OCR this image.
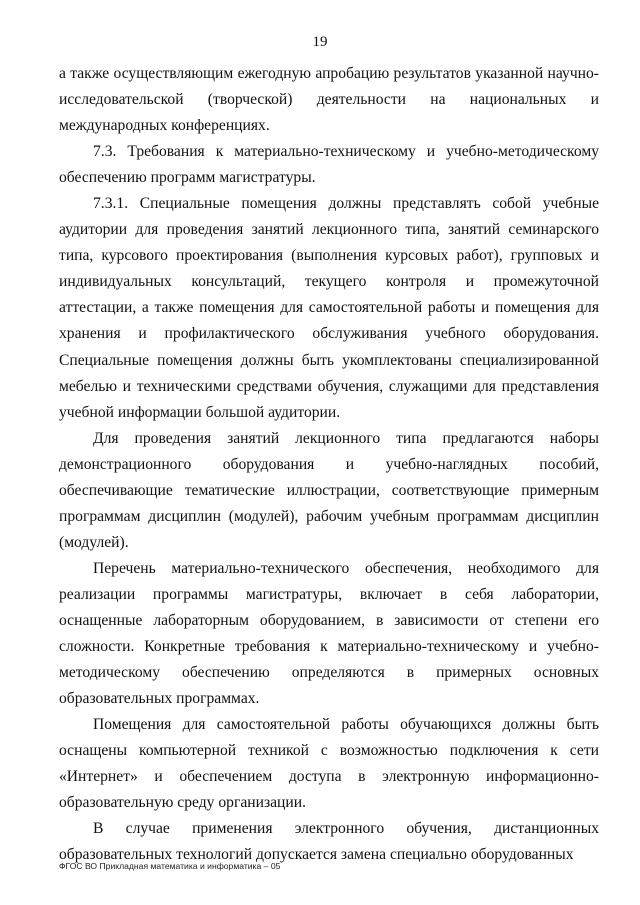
19

а также осуществляющим ежегодную апробацию результатов указанной научно-исследовательской (творческой) деятельности на национальных и международных конференциях.

7.3. Требования к материально-техническому и учебно-методическому обеспечению программ магистратуры.

7.3.1. Специальные помещения должны представлять собой учебные аудитории для проведения занятий лекционного типа, занятий семинарского типа, курсового проектирования (выполнения курсовых работ), групповых и индивидуальных консультаций, текущего контроля и промежуточной аттестации, а также помещения для самостоятельной работы и помещения для хранения и профилактического обслуживания учебного оборудования. Специальные помещения должны быть укомплектованы специализированной мебелью и техническими средствами обучения, служащими для представления учебной информации большой аудитории.

Для проведения занятий лекционного типа предлагаются наборы демонстрационного оборудования и учебно-наглядных пособий, обеспечивающие тематические иллюстрации, соответствующие примерным программам дисциплин (модулей), рабочим учебным программам дисциплин (модулей).

Перечень материально-технического обеспечения, необходимого для реализации программы магистратуры, включает в себя лаборатории, оснащенные лабораторным оборудованием, в зависимости от степени его сложности. Конкретные требования к материально-техническому и учебно-методическому обеспечению определяются в примерных основных образовательных программах.

Помещения для самостоятельной работы обучающихся должны быть оснащены компьютерной техникой с возможностью подключения к сети «Интернет» и обеспечением доступа в электронную информационно-образовательную среду организации.

В случае применения электронного обучения, дистанционных образовательных технологий допускается замена специально оборудованных

ФГОС ВО Прикладная математика и информатика – 05
